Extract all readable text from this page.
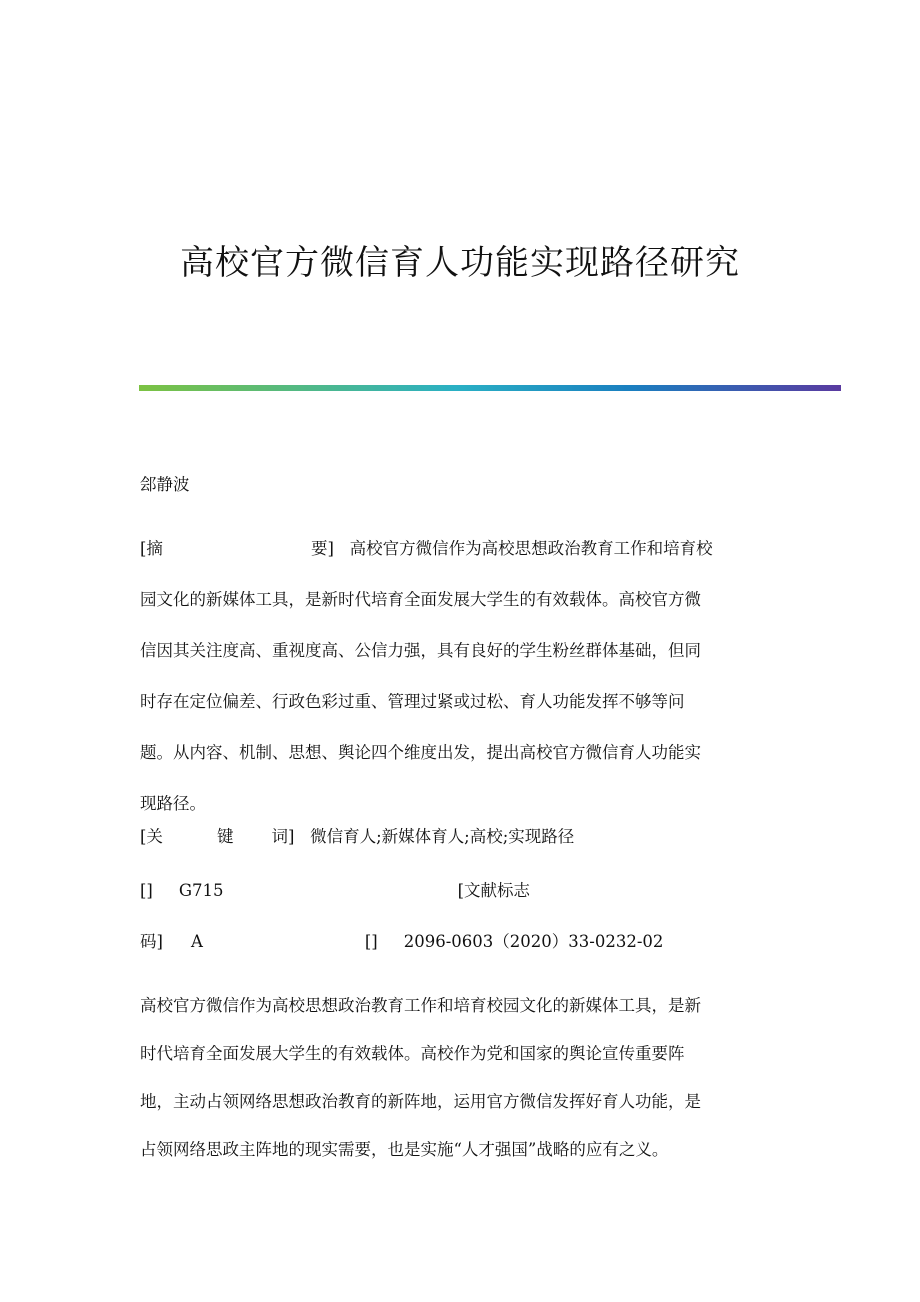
高校官方微信育人功能实现路径研究
郐静波
[摘	要] 高校官方微信作为高校思想政治教育工作和培育校
园文化的新媒体工具，是新时代培育全面发展大学生的有效载体。高校官方微
信因其关注度高、重视度高、公信力强，具有良好的学生粉丝群体基础，但同
时存在定位偏差、行政色彩过重、管理过紧或过松、育人功能发挥不够等问
题。从内容、机制、思想、舆论四个维度出发，提出高校官方微信育人功能实
现路径。
[关	键 词] 微信育人;新媒体育人;高校;实现路径
[] G715	[文献标志
码] A	[] 2096-0603（2020）33-0232-02
高校官方微信作为高校思想政治教育工作和培育校园文化的新媒体工具，是新
时代培育全面发展大学生的有效载体。高校作为党和国家的舆论宣传重要阵
地，主动占领网络思想政治教育的新阵地，运用官方微信发挥好育人功能，是
占领网络思政主阵地的现实需要，也是实施“人才强国”战略的应有之义。
